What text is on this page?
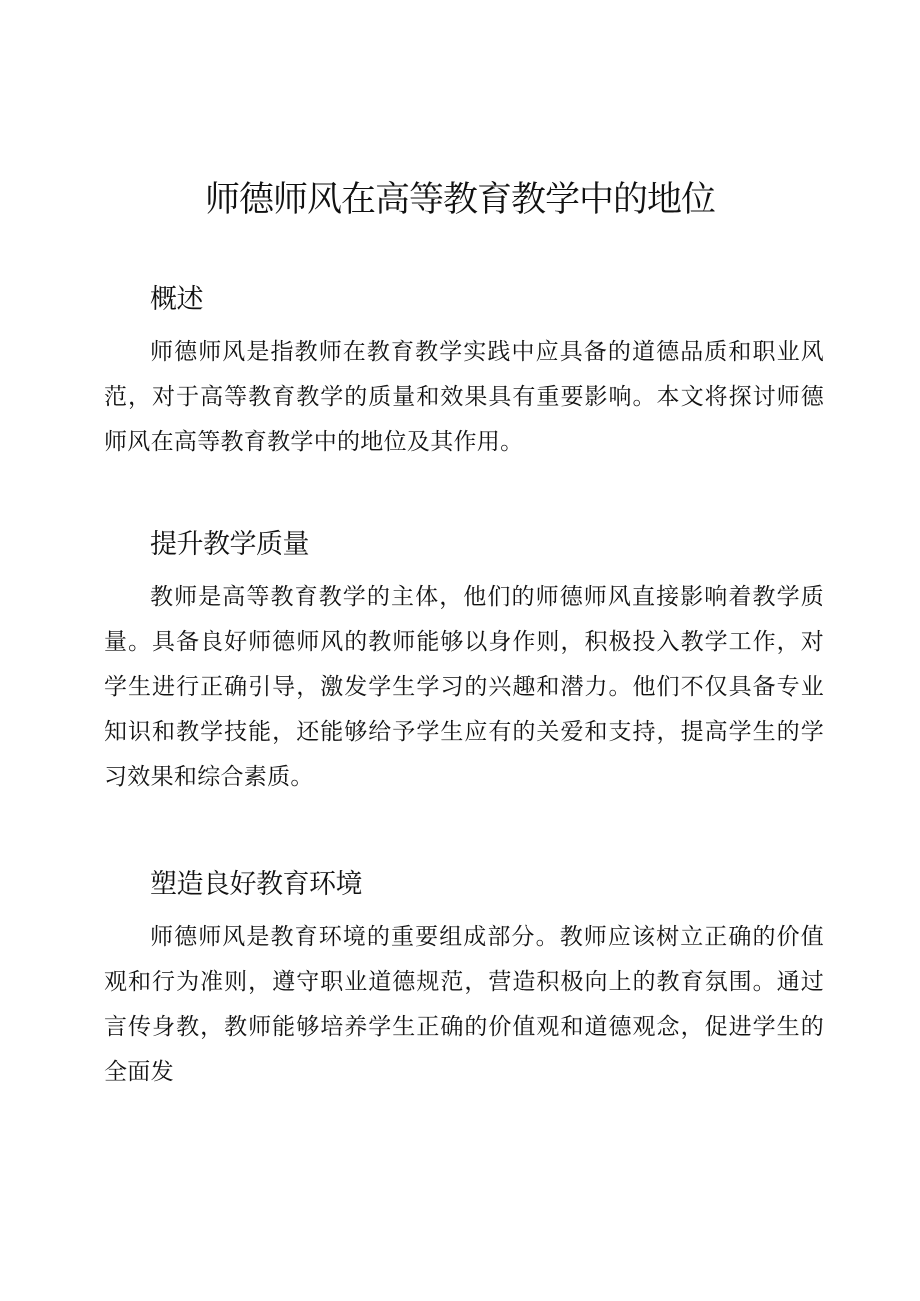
师德师风在高等教育教学中的地位
概述

师德师风是指教师在教育教学实践中应具备的道德品质和职业风范，对于高等教育教学的质量和效果具有重要影响。本文将探讨师德师风在高等教育教学中的地位及其作用。

提升教学质量

教师是高等教育教学的主体，他们的师德师风直接影响着教学质量。具备良好师德师风的教师能够以身作则，积极投入教学工作，对学生进行正确引导，激发学生学习的兴趣和潜力。他们不仅具备专业知识和教学技能，还能够给予学生应有的关爱和支持，提高学生的学习效果和综合素质。

塑造良好教育环境

师德师风是教育环境的重要组成部分。教师应该树立正确的价值观和行为准则，遵守职业道德规范，营造积极向上的教育氛围。通过言传身教，教师能够培养学生正确的价值观和道德观念，促进学生的全面发
